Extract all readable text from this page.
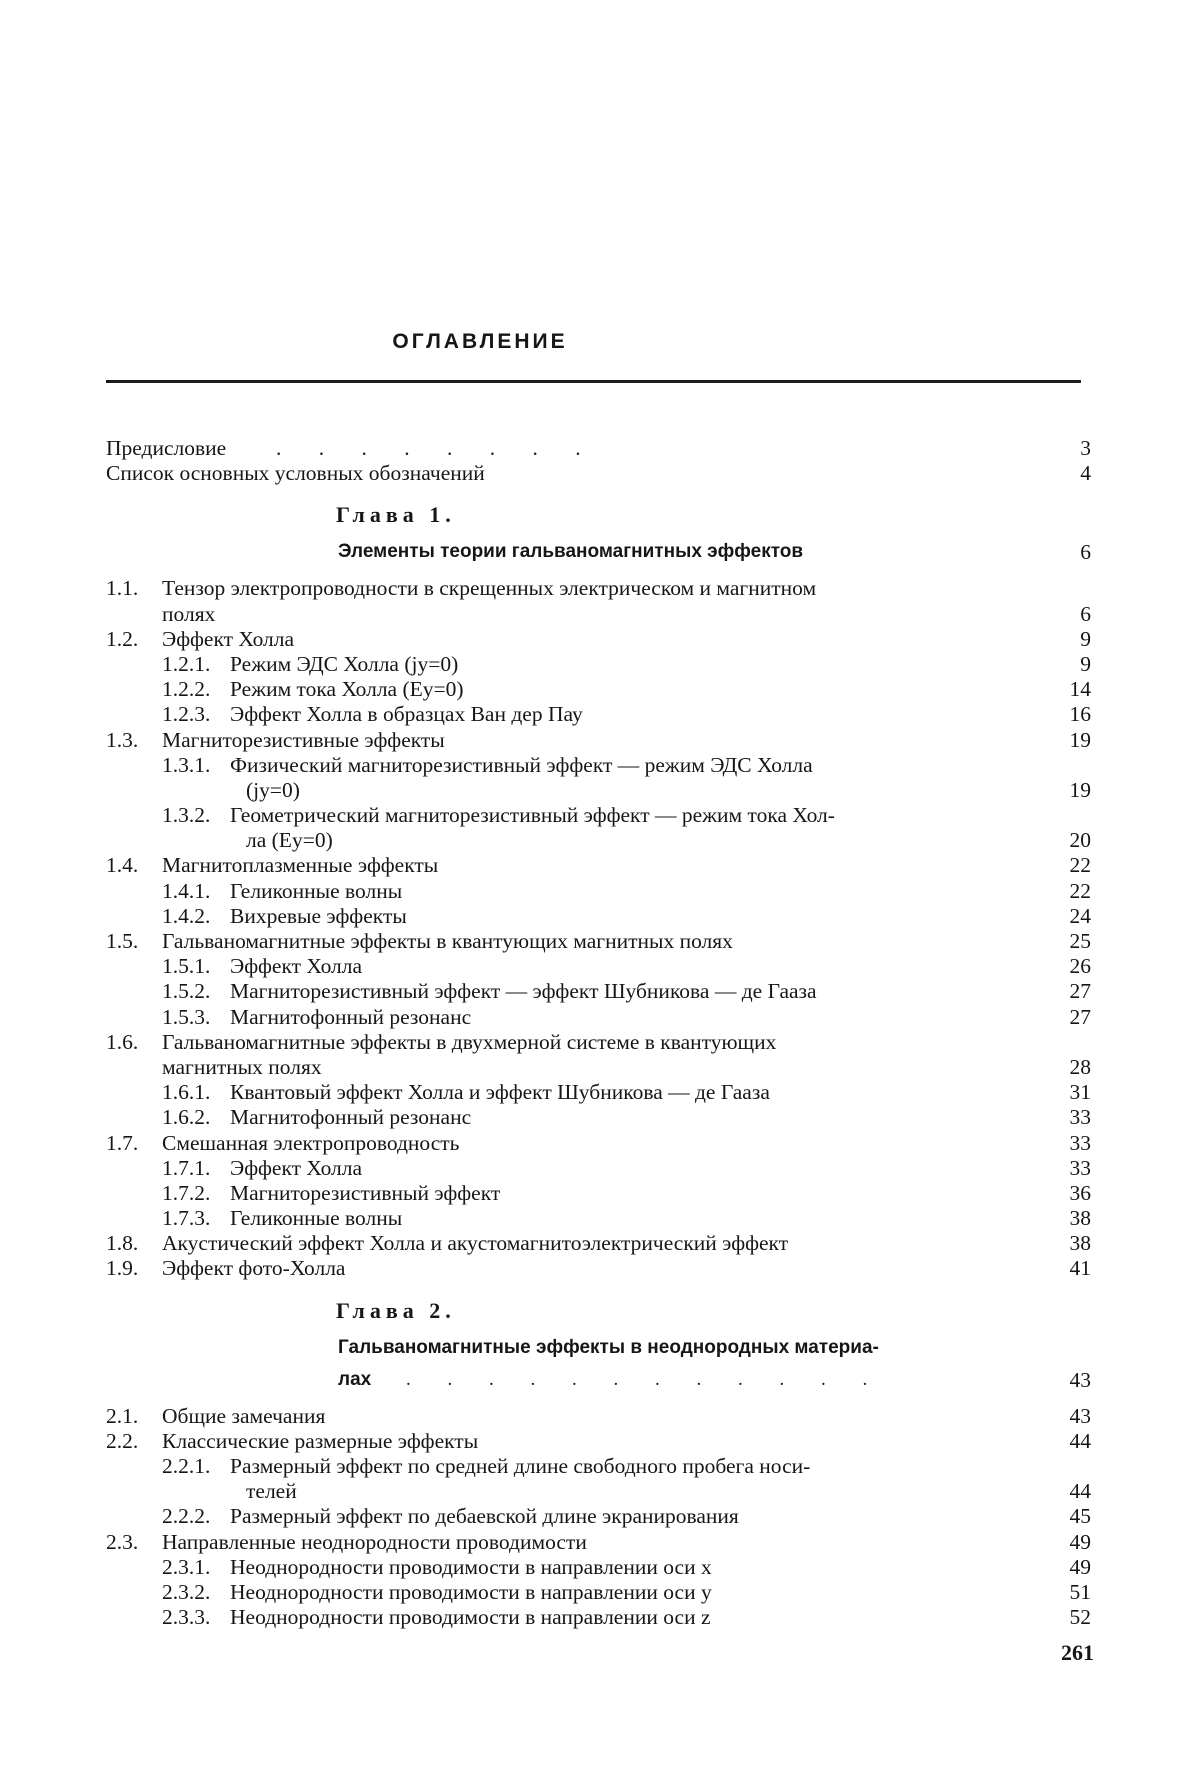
ОГЛАВЛЕНИЕ
Предисловие . . . . . . . .	3
Список основных условных обозначений	4
Глава 1.
Элементы теории гальваномагнитных эффектов	6
1.1. Тензор электропроводности в скрещенных электрическом и магнитном
полях	6
1.2. Эффект Холла	9
1.2.1. Режим ЭДС Холла (jy=0)	9
1.2.2. Режим тока Холла (Ey=0)	14
1.2.3. Эффект Холла в образцах Ван дер Пау	16
1.3. Магниторезистивные эффекты	19
1.3.1. Физический магниторезистивный эффект — режим ЭДС Холла
(jy=0)	19
1.3.2. Геометрический магниторезистивный эффект — режим тока Хол-
ла (Ey=0)	20
1.4. Магнитоплазменные эффекты	22
1.4.1. Геликонные волны	22
1.4.2. Вихревые эффекты	24
1.5. Гальваномагнитные эффекты в квантующих магнитных полях	25
1.5.1. Эффект Холла	26
1.5.2. Магниторезистивный эффект — эффект Шубникова — де Гааза	27
1.5.3. Магнитофонный резонанс	27
1.6. Гальваномагнитные эффекты в двухмерной системе в квантующих
магнитных полях	28
1.6.1. Квантовый эффект Холла и эффект Шубникова — де Гааза	31
1.6.2. Магнитофонный резонанс	33
1.7. Смешанная электропроводность	33
1.7.1. Эффект Холла	33
1.7.2. Магниторезистивный эффект	36
1.7.3. Геликонные волны	38
1.8. Акустический эффект Холла и акустомагнитоэлектрический эффект	38
1.9. Эффект фото-Холла	41
Глава 2.
Гальваномагнитные эффекты в неоднородных материа-
лах . . . . . . . . . . . .	43
2.1. Общие замечания	43
2.2. Классические размерные эффекты	44
2.2.1. Размерный эффект по средней длине свободного пробега носи-
телей	44
2.2.2. Размерный эффект по дебаевской длине экранирования	45
2.3. Направленные неоднородности проводимости	49
2.3.1. Неоднородности проводимости в направлении оси x	49
2.3.2. Неоднородности проводимости в направлении оси y	51
2.3.3. Неоднородности проводимости в направлении оси z	52
261
